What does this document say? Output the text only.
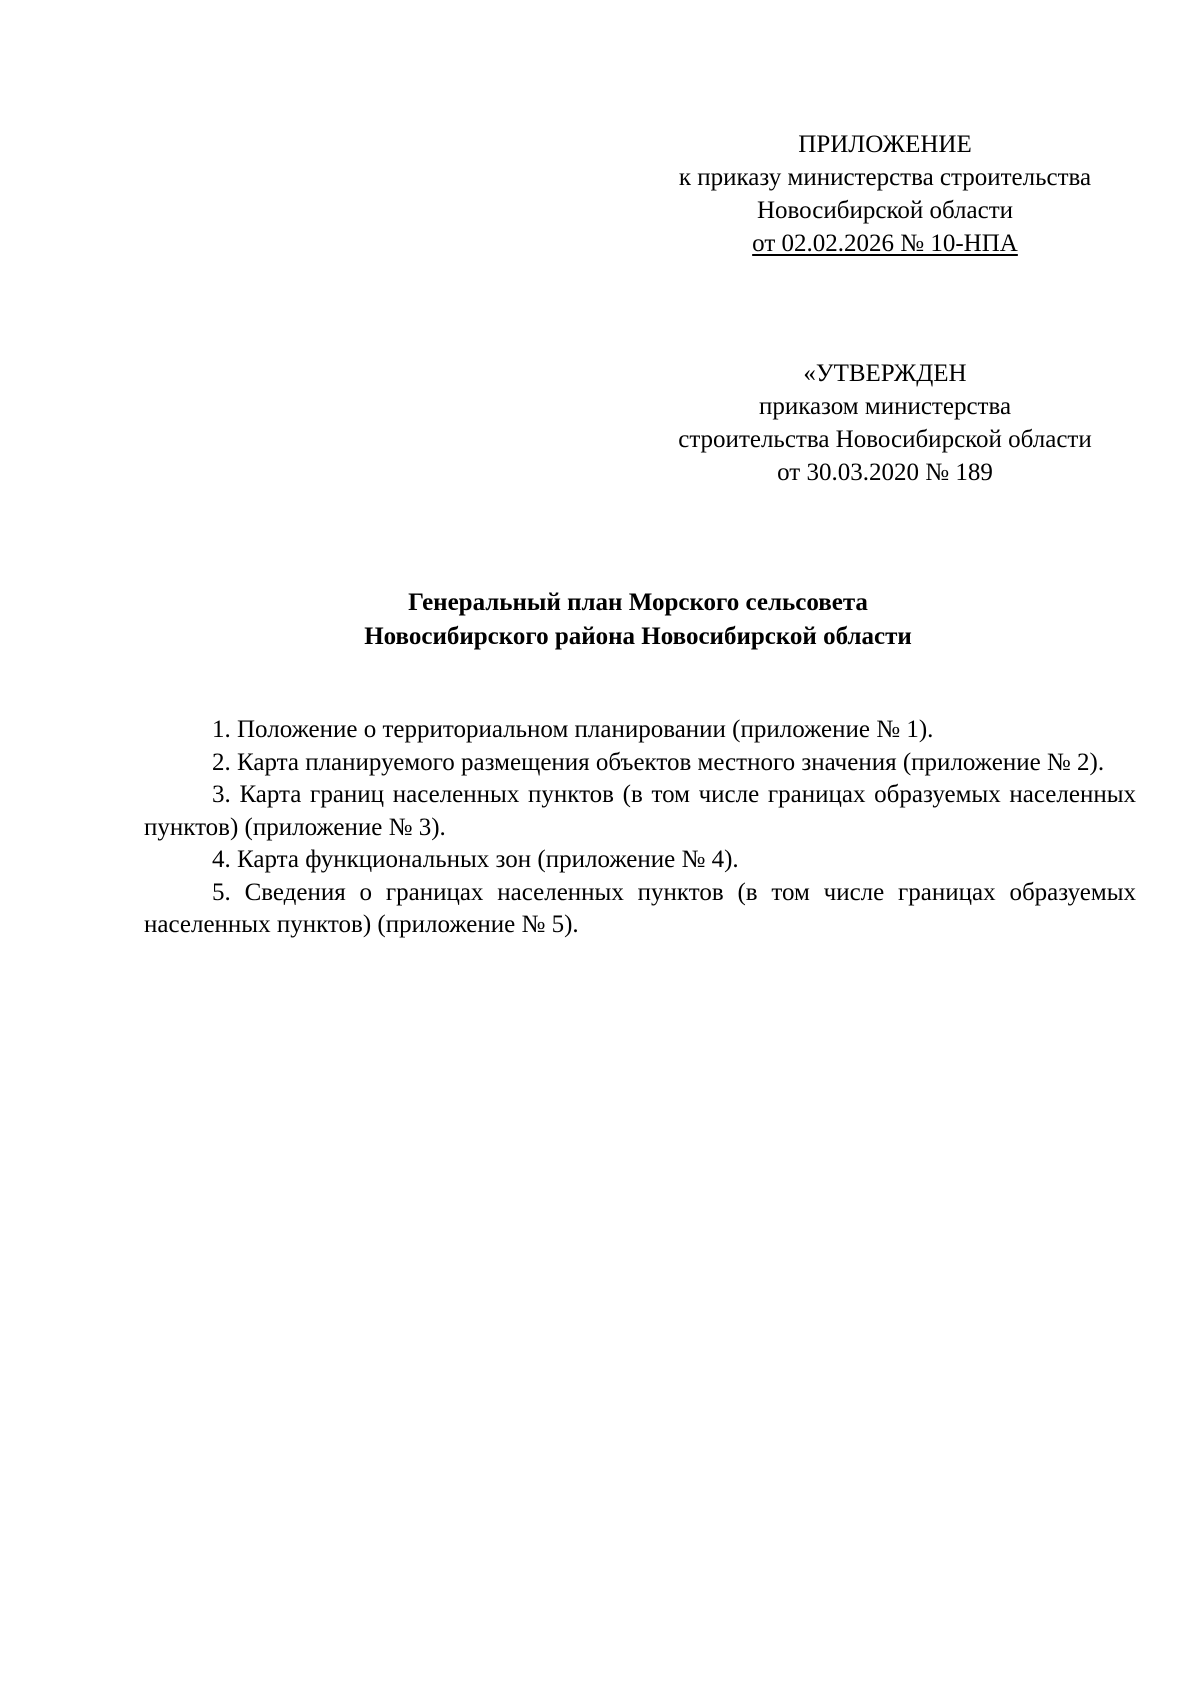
ПРИЛОЖЕНИЕ
к приказу министерства строительства
Новосибирской области
от 02.02.2026 № 10-НПА
«УТВЕРЖДЕН
приказом министерства
строительства Новосибирской области
от 30.03.2020 № 189
Генеральный план Морского сельсовета
Новосибирского района Новосибирской области

1. Положение о территориальном планировании (приложение № 1).

2. Карта планируемого размещения объектов местного значения (приложение № 2).

3. Карта границ населенных пунктов (в том числе границах образуемых населенных пунктов) (приложение № 3).

4. Карта функциональных зон (приложение № 4).

5. Сведения о границах населенных пунктов (в том числе границах образуемых населенных пунктов) (приложение № 5).
